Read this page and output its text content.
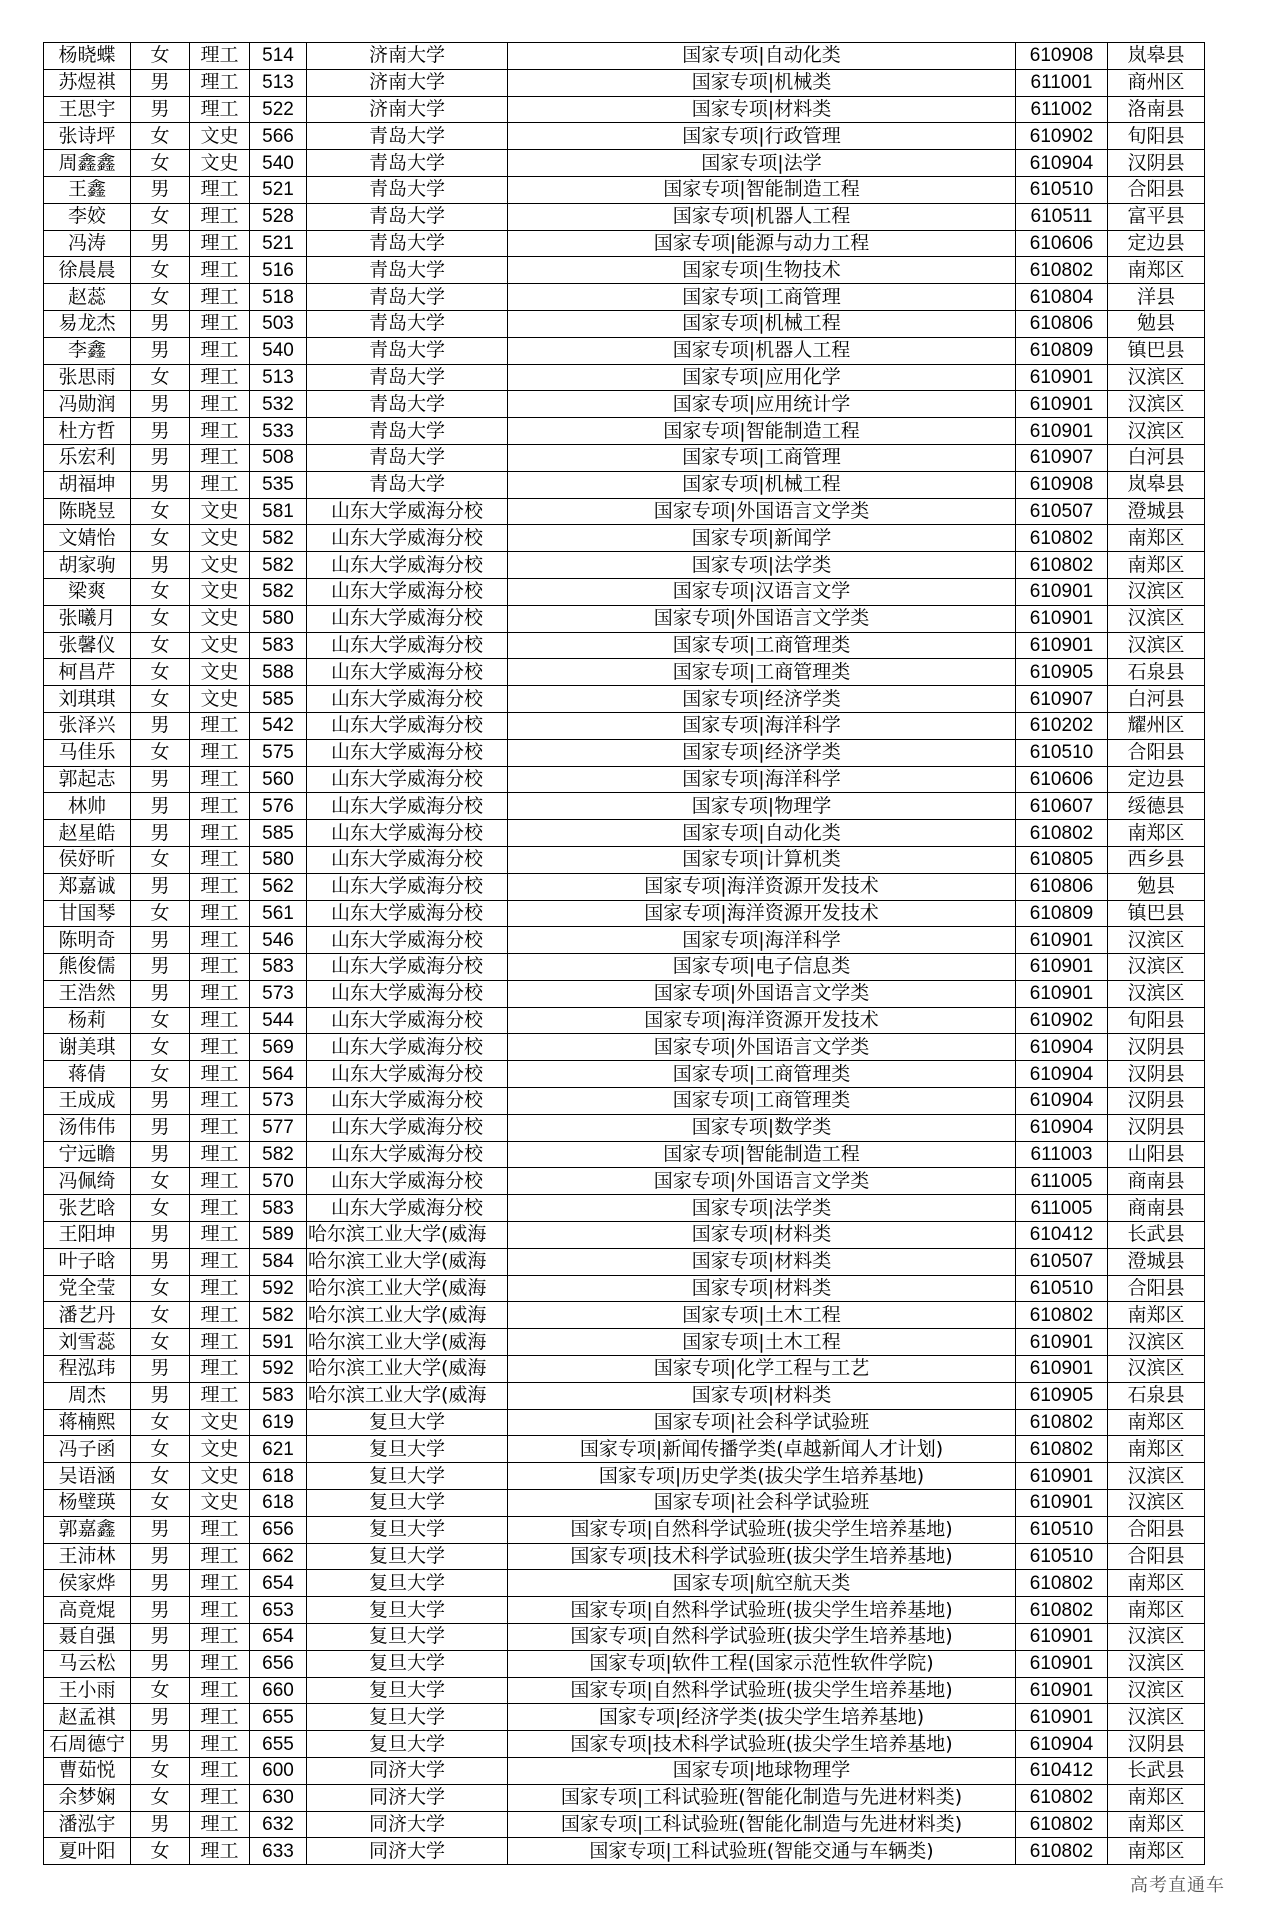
杨晓蝶	女	理工	514	济南大学	国家专项|自动化类	610908	岚皋县
苏煜祺	男	理工	513	济南大学	国家专项|机械类	611001	商州区
王思宇	男	理工	522	济南大学	国家专项|材料类	611002	洛南县
张诗坪	女	文史	566	青岛大学	国家专项|行政管理	610902	旬阳县
周鑫鑫	女	文史	540	青岛大学	国家专项|法学	610904	汉阴县
王鑫	男	理工	521	青岛大学	国家专项|智能制造工程	610510	合阳县
李姣	女	理工	528	青岛大学	国家专项|机器人工程	610511	富平县
冯涛	男	理工	521	青岛大学	国家专项|能源与动力工程	610606	定边县
徐晨晨	女	理工	516	青岛大学	国家专项|生物技术	610802	南郑区
赵蕊	女	理工	518	青岛大学	国家专项|工商管理	610804	洋县
易龙杰	男	理工	503	青岛大学	国家专项|机械工程	610806	勉县
李鑫	男	理工	540	青岛大学	国家专项|机器人工程	610809	镇巴县
张思雨	女	理工	513	青岛大学	国家专项|应用化学	610901	汉滨区
冯勋润	男	理工	532	青岛大学	国家专项|应用统计学	610901	汉滨区
杜方哲	男	理工	533	青岛大学	国家专项|智能制造工程	610901	汉滨区
乐宏利	男	理工	508	青岛大学	国家专项|工商管理	610907	白河县
胡福坤	男	理工	535	青岛大学	国家专项|机械工程	610908	岚皋县
陈晓昱	女	文史	581	山东大学威海分校	国家专项|外国语言文学类	610507	澄城县
文婧怡	女	文史	582	山东大学威海分校	国家专项|新闻学	610802	南郑区
胡家驹	男	文史	582	山东大学威海分校	国家专项|法学类	610802	南郑区
梁爽	女	文史	582	山东大学威海分校	国家专项|汉语言文学	610901	汉滨区
张曦月	女	文史	580	山东大学威海分校	国家专项|外国语言文学类	610901	汉滨区
张馨仪	女	文史	583	山东大学威海分校	国家专项|工商管理类	610901	汉滨区
柯昌芹	女	文史	588	山东大学威海分校	国家专项|工商管理类	610905	石泉县
刘琪琪	女	文史	585	山东大学威海分校	国家专项|经济学类	610907	白河县
张泽兴	男	理工	542	山东大学威海分校	国家专项|海洋科学	610202	耀州区
马佳乐	女	理工	575	山东大学威海分校	国家专项|经济学类	610510	合阳县
郭起志	男	理工	560	山东大学威海分校	国家专项|海洋科学	610606	定边县
林帅	男	理工	576	山东大学威海分校	国家专项|物理学	610607	绥德县
赵星皓	男	理工	585	山东大学威海分校	国家专项|自动化类	610802	南郑区
侯妤昕	女	理工	580	山东大学威海分校	国家专项|计算机类	610805	西乡县
郑嘉诚	男	理工	562	山东大学威海分校	国家专项|海洋资源开发技术	610806	勉县
甘国琴	女	理工	561	山东大学威海分校	国家专项|海洋资源开发技术	610809	镇巴县
陈明奇	男	理工	546	山东大学威海分校	国家专项|海洋科学	610901	汉滨区
熊俊儒	男	理工	583	山东大学威海分校	国家专项|电子信息类	610901	汉滨区
王浩然	男	理工	573	山东大学威海分校	国家专项|外国语言文学类	610901	汉滨区
杨莉	女	理工	544	山东大学威海分校	国家专项|海洋资源开发技术	610902	旬阳县
谢美琪	女	理工	569	山东大学威海分校	国家专项|外国语言文学类	610904	汉阴县
蒋倩	女	理工	564	山东大学威海分校	国家专项|工商管理类	610904	汉阴县
王成成	男	理工	573	山东大学威海分校	国家专项|工商管理类	610904	汉阴县
汤伟伟	男	理工	577	山东大学威海分校	国家专项|数学类	610904	汉阴县
宁远瞻	男	理工	582	山东大学威海分校	国家专项|智能制造工程	611003	山阳县
冯佩绮	女	理工	570	山东大学威海分校	国家专项|外国语言文学类	611005	商南县
张艺晗	女	理工	583	山东大学威海分校	国家专项|法学类	611005	商南县
王阳坤	男	理工	589	哈尔滨工业大学(威海	国家专项|材料类	610412	长武县
叶子晗	男	理工	584	哈尔滨工业大学(威海	国家专项|材料类	610507	澄城县
党全莹	女	理工	592	哈尔滨工业大学(威海	国家专项|材料类	610510	合阳县
潘艺丹	女	理工	582	哈尔滨工业大学(威海	国家专项|土木工程	610802	南郑区
刘雪蕊	女	理工	591	哈尔滨工业大学(威海	国家专项|土木工程	610901	汉滨区
程泓玮	男	理工	592	哈尔滨工业大学(威海	国家专项|化学工程与工艺	610901	汉滨区
周杰	男	理工	583	哈尔滨工业大学(威海	国家专项|材料类	610905	石泉县
蒋楠熙	女	文史	619	复旦大学	国家专项|社会科学试验班	610802	南郑区
冯子函	女	文史	621	复旦大学	国家专项|新闻传播学类(卓越新闻人才计划)	610802	南郑区
吴语涵	女	文史	618	复旦大学	国家专项|历史学类(拔尖学生培养基地)	610901	汉滨区
杨璧瑛	女	文史	618	复旦大学	国家专项|社会科学试验班	610901	汉滨区
郭嘉鑫	男	理工	656	复旦大学	国家专项|自然科学试验班(拔尖学生培养基地)	610510	合阳县
王沛林	男	理工	662	复旦大学	国家专项|技术科学试验班(拔尖学生培养基地)	610510	合阳县
侯家烨	男	理工	654	复旦大学	国家专项|航空航天类	610802	南郑区
高竟焜	男	理工	653	复旦大学	国家专项|自然科学试验班(拔尖学生培养基地)	610802	南郑区
聂自强	男	理工	654	复旦大学	国家专项|自然科学试验班(拔尖学生培养基地)	610901	汉滨区
马云松	男	理工	656	复旦大学	国家专项|软件工程(国家示范性软件学院)	610901	汉滨区
王小雨	女	理工	660	复旦大学	国家专项|自然科学试验班(拔尖学生培养基地)	610901	汉滨区
赵孟祺	男	理工	655	复旦大学	国家专项|经济学类(拔尖学生培养基地)	610901	汉滨区
石周德宁	男	理工	655	复旦大学	国家专项|技术科学试验班(拔尖学生培养基地)	610904	汉阴县
曹茹悦	女	理工	600	同济大学	国家专项|地球物理学	610412	长武县
余梦娴	女	理工	630	同济大学	国家专项|工科试验班(智能化制造与先进材料类)	610802	南郑区
潘泓宇	男	理工	632	同济大学	国家专项|工科试验班(智能化制造与先进材料类)	610802	南郑区
夏叶阳	女	理工	633	同济大学	国家专项|工科试验班(智能交通与车辆类)	610802	南郑区
高考直通车
